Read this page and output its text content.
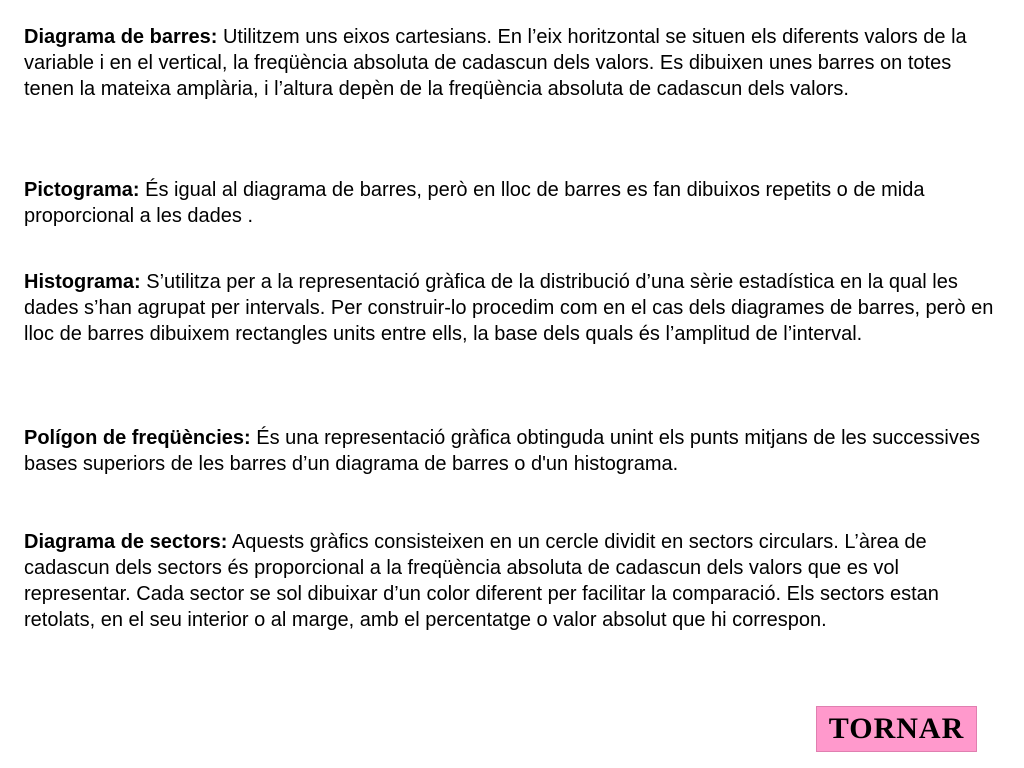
Diagrama de barres: Utilitzem uns eixos cartesians. En l’eix horitzontal se situen els diferents valors de la variable i en el vertical, la freqüència absoluta de cadascun dels valors. Es dibuixen unes barres on totes tenen la mateixa amplària, i l’altura depèn de la freqüència absoluta de cadascun dels valors.

Pictograma: És igual al diagrama de barres, però en lloc de barres es fan dibuixos repetits o de mida proporcional a les dades .

Histograma: S’utilitza per a la representació gràfica de la distribució d’una sèrie estadística en la qual les dades s’han agrupat per intervals. Per construir-lo procedim com en el cas dels diagrames de barres, però en lloc de barres dibuixem rectangles units entre ells, la base dels quals és l’amplitud de l’interval.

Polígon de freqüències: És una representació gràfica obtinguda unint els punts mitjans de les successives bases superiors de les barres d’un diagrama de barres o d'un histograma.

Diagrama de sectors: Aquests gràfics consisteixen en un cercle dividit en sectors circulars. L’àrea de cadascun dels sectors és proporcional a la freqüència absoluta de cadascun dels valors que es vol representar. Cada sector se sol dibuixar d’un color diferent per facilitar la comparació. Els sectors estan retolats, en el seu interior o al marge, amb el percentatge o valor absolut que hi correspon.

TORNAR
